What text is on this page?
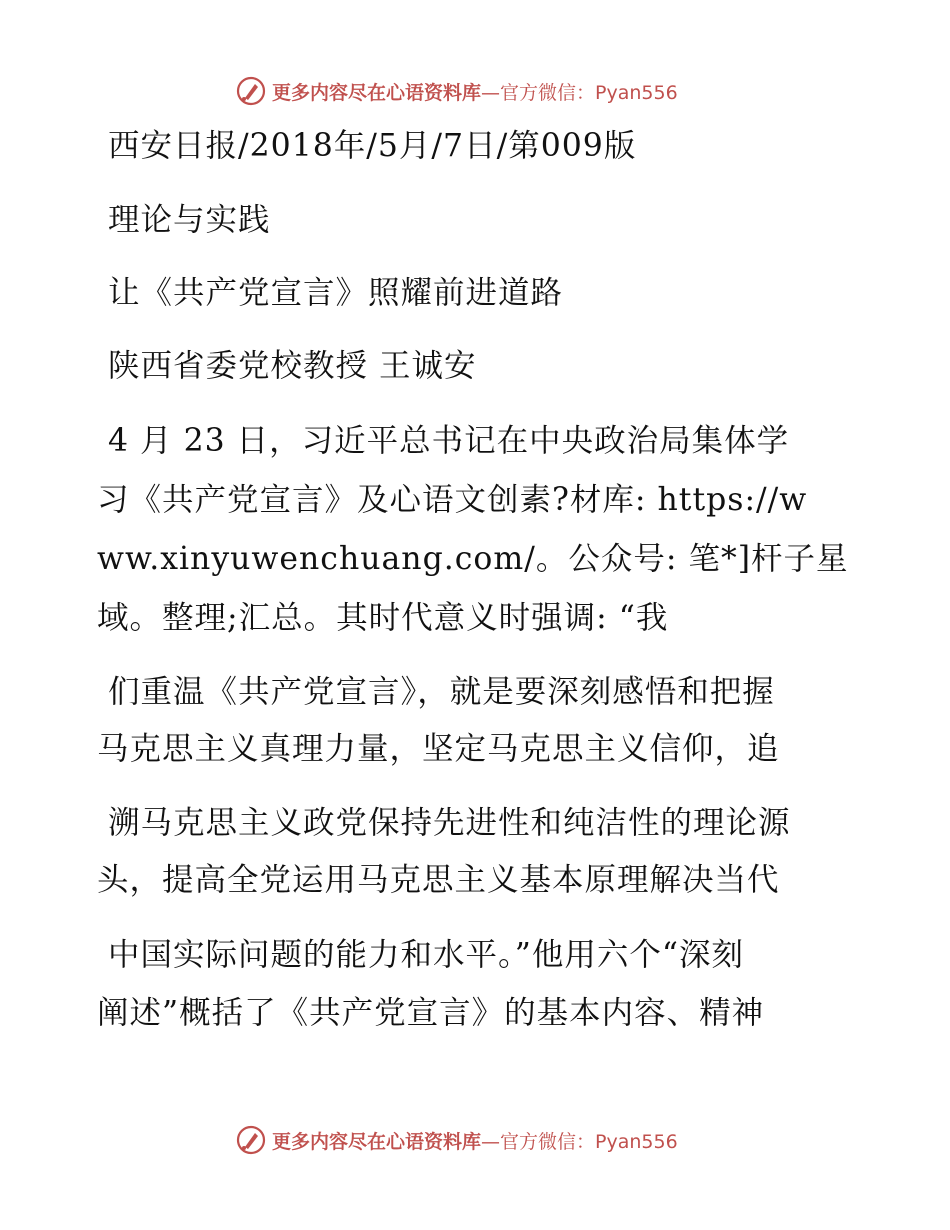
更多内容尽在心语资料库—官方微信：Pyan556
西安日报/2018年/5月/7日/第009版
理论与实践
让《共产党宣言》照耀前进道路
陕西省委党校教授 王诚安
4 月 23 日，习近平总书记在中央政治局集体学
习《共产党宣言》及心语文创素?材库: https://w
ww.xinyuwenchuang.com/。公众号: 笔*]杆子星
域。整理;汇总。其时代意义时强调: “我
们重温《共产党宣言》，就是要深刻感悟和把握
马克思主义真理力量，坚定马克思主义信仰，追
溯马克思主义政党保持先进性和纯洁性的理论源
头，提高全党运用马克思主义基本原理解决当代
中国实际问题的能力和水平。”他用六个“深刻
阐述”概括了《共产党宣言》的基本内容、精神
更多内容尽在心语资料库—官方微信：Pyan556
